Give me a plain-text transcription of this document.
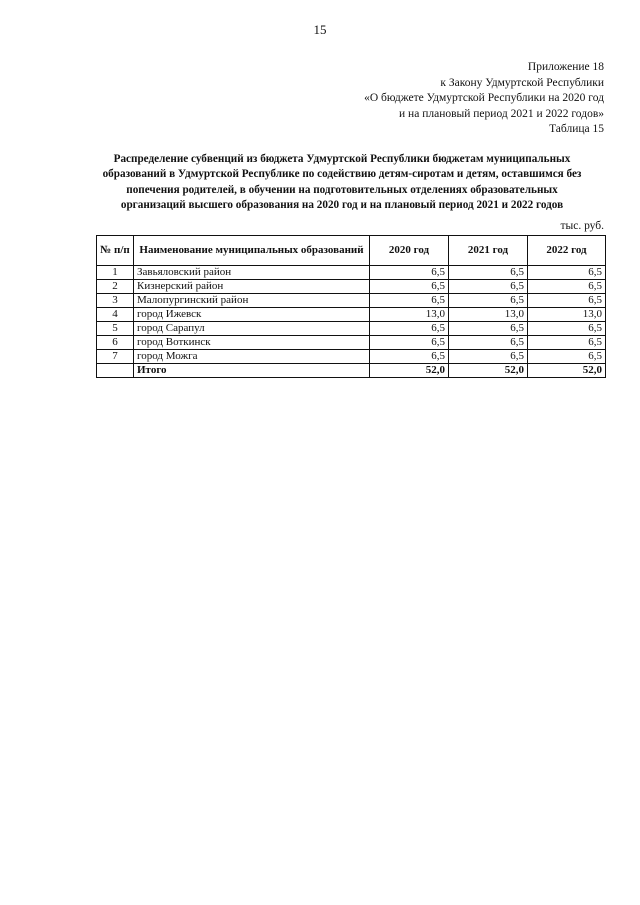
15
Приложение 18
к Закону Удмуртской Республики
«О бюджете Удмуртской Республики на 2020 год
и на плановый период 2021 и 2022 годов»
Таблица 15
Распределение субвенций из бюджета Удмуртской Республики бюджетам муниципальных
образований в Удмуртской Республике по содействию детям-сиротам и детям, оставшимся без
попечения родителей, в обучении на подготовительных отделениях образовательных
организаций высшего образования на 2020 год и на плановый период 2021 и 2022 годов
тыс. руб.
№ п/п	Наименование муниципальных образований	2020 год	2021 год	2022 год
1	Завьяловский район	6,5	6,5	6,5
2	Кизнерский район	6,5	6,5	6,5
3	Малопургинский район	6,5	6,5	6,5
4	город Ижевск	13,0	13,0	13,0
5	город Сарапул	6,5	6,5	6,5
6	город Воткинск	6,5	6,5	6,5
7	город Можга	6,5	6,5	6,5
	Итого	52,0	52,0	52,0
